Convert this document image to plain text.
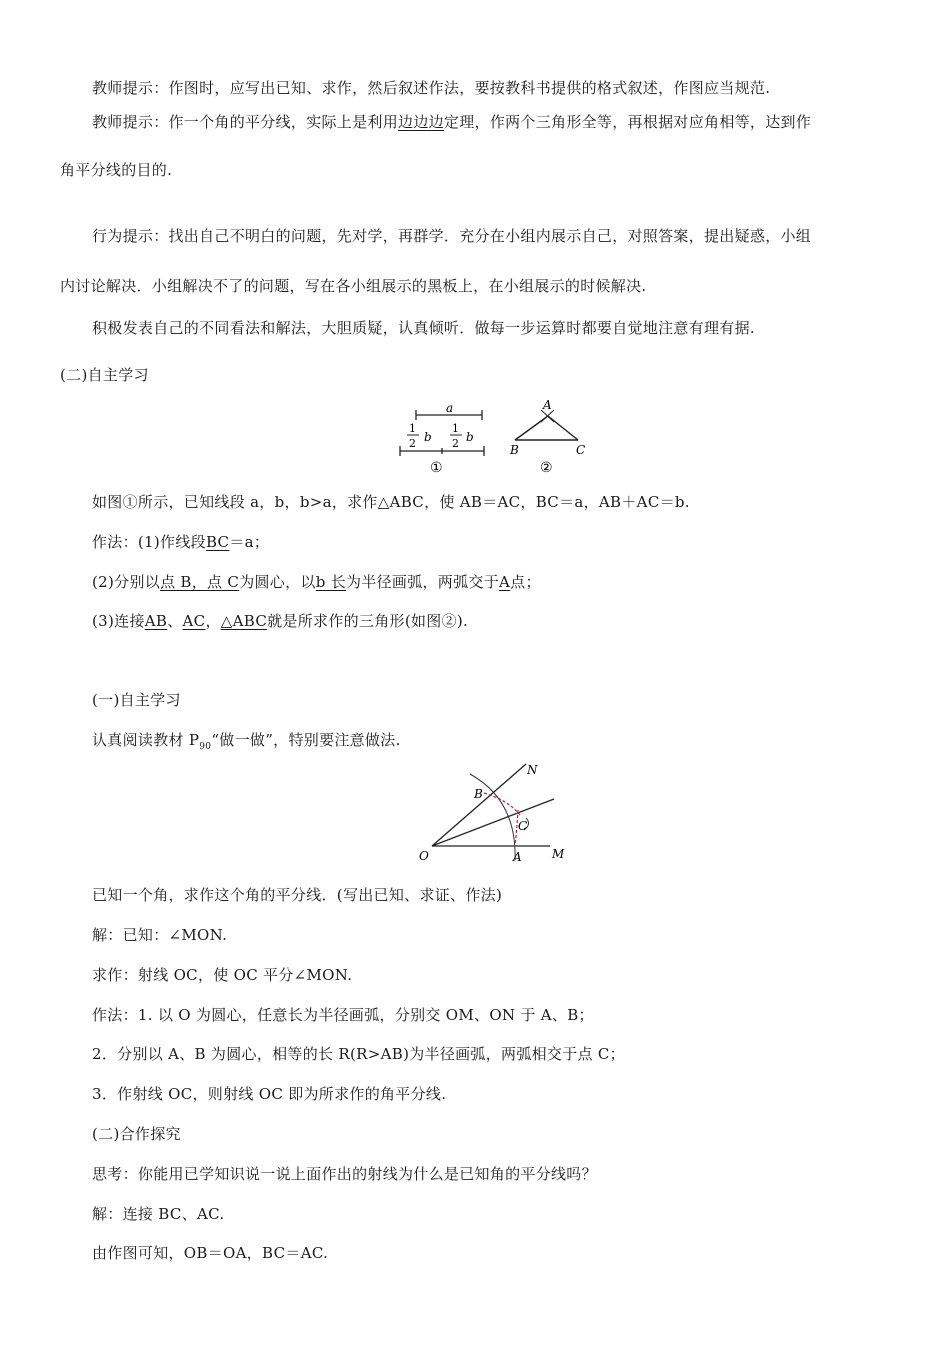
教师提示：作图时，应写出已知、求作，然后叙述作法，要按教科书提供的格式叙述，作图应当规范.
教师提示：作一个角的平分线，实际上是利用边边边定理，作两个三角形全等，再根据对应角相等，达到作
角平分线的目的.
行为提示：找出自己不明白的问题，先对学，再群学．充分在小组内展示自己，对照答案，提出疑惑，小组
内讨论解决．小组解决不了的问题，写在各小组展示的黑板上，在小组展示的时候解决.
积极发表自己的不同看法和解法，大胆质疑，认真倾听．做每一步运算时都要自觉地注意有理有据.
(二)自主学习
a
1
2 b
1
2 b
①
A
B	C
②
如图①所示，已知线段 a，b，b>a，求作△ABC，使 AB＝AC，BC＝a，AB＋AC＝b.
作法：(1)作线段BC＝a；
(2)分别以点 B，点 C为圆心，以b 长为半径画弧，两弧交于A点；
(3)连接AB、AC，△ABC就是所求作的三角形(如图②).
(一)自主学习
认真阅读教材 $P_{90}“$做一做”，特别要注意做法.
N
B
C
O	A	M
已知一个角，求作这个角的平分线．(写出已知、求证、作法)
解：已知：∠MON.
求作：射线 OC，使 OC 平分∠MON.
作法：1. 以 O 为圆心，任意长为半径画弧，分别交 OM、ON 于 A、B；
2．分别以 A、B 为圆心，相等的长 R(R>AB)为半径画弧，两弧相交于点 C；
3．作射线 OC，则射线 OC 即为所求作的角平分线.
(二)合作探究
思考：你能用已学知识说一说上面作出的射线为什么是已知角的平分线吗？
解：连接 BC、AC.
由作图可知，OB＝OA，BC＝AC.
